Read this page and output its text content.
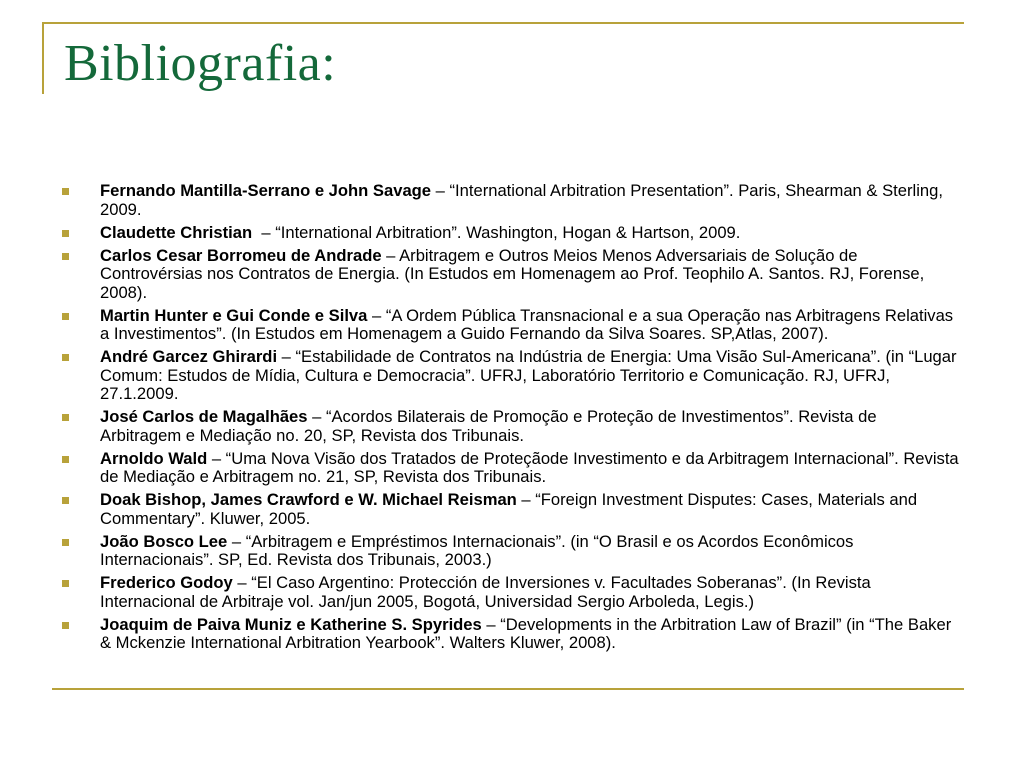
Bibliografia:
Fernando Mantilla-Serrano e John Savage – “International Arbitration Presentation”. Paris, Shearman & Sterling, 2009.
Claudette Christian  – “International Arbitration”. Washington, Hogan & Hartson, 2009.
Carlos Cesar Borromeu de Andrade – Arbitragem e Outros Meios Menos Adversariais de Solução de Controvérsias nos Contratos de Energia. (In Estudos em Homenagem ao Prof. Teophilo A. Santos. RJ, Forense, 2008).
Martin Hunter e Gui Conde e Silva – “A Ordem Pública Transnacional e a sua Operação nas Arbitragens Relativas a Investimentos”. (In Estudos em Homenagem a Guido Fernando da Silva Soares. SP,Atlas, 2007).
André Garcez Ghirardi – “Estabilidade de Contratos na Indústria de Energia: Uma Visão Sul-Americana”. (in “Lugar Comum: Estudos de Mídia, Cultura e Democracia”. UFRJ, Laboratório Territorio e Comunicação. RJ, UFRJ, 27.1.2009.
José Carlos de Magalhães – “Acordos Bilaterais de Promoção e Proteção de Investimentos”. Revista de Arbitragem e Mediação no. 20, SP, Revista dos Tribunais.
Arnoldo Wald – “Uma Nova Visão dos Tratados de Proteçãode Investimento e da Arbitragem Internacional”. Revista de Mediação e Arbitragem no. 21, SP, Revista dos Tribunais.
Doak Bishop, James Crawford e W. Michael Reisman – “Foreign Investment Disputes: Cases, Materials and Commentary”. Kluwer, 2005.
João Bosco Lee – “Arbitragem e Empréstimos Internacionais”. (in “O Brasil e os Acordos Econômicos Internacionais”. SP, Ed. Revista dos Tribunais, 2003.)
Frederico Godoy – “El Caso Argentino: Protección de Inversiones v. Facultades Soberanas”. (In Revista Internacional de Arbitraje vol. Jan/jun 2005, Bogotá, Universidad Sergio Arboleda, Legis.)
Joaquim de Paiva Muniz e Katherine S. Spyrides – “Developments in the Arbitration Law of Brazil” (in “The Baker & Mckenzie International Arbitration Yearbook”. Walters Kluwer, 2008).
